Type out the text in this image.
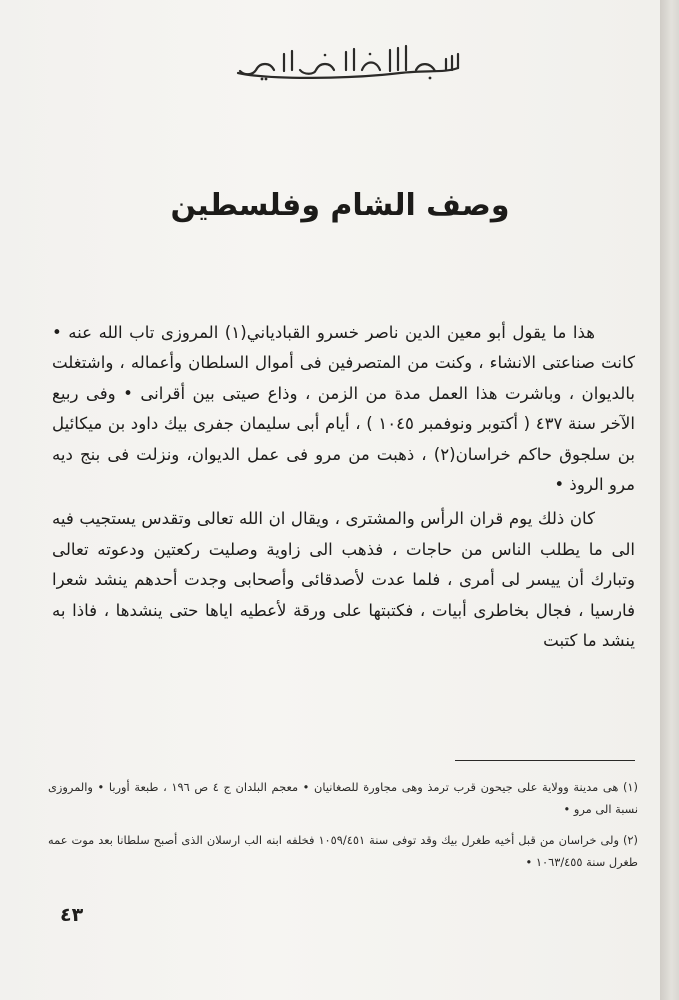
وصف الشام وفلسطين

هذا ما يقول أبو معين الدين ناصر خسرو القبادياني(١) المروزى تاب الله عنه • كانت صناعتى الانشاء ، وكنت من المتصرفين فى أموال السلطان وأعماله ، واشتغلت بالديوان ، وباشرت هذا العمل مدة من الزمن ، وذاع صيتى بين أقرانى • وفى ربيع الآخر سنة ٤٣٧ ( أكتوبر ونوفمبر ١٠٤٥ ) ، أيام أبى سليمان جفرى بيك داود بن ميكائيل بن سلجوق حاكم خراسان(٢) ، ذهبت من مرو فى عمل الديوان، ونزلت فى بنج ديه مرو الروذ •

كان ذلك يوم قران الرأس والمشترى ، ويقال ان الله تعالى وتقدس يستجيب فيه الى ما يطلب الناس من حاجات ، فذهب الى زاوية وصليت ركعتين ودعوته تعالى وتبارك أن ييسر لى أمرى ، فلما عدت لأصدقائى وأصحابى وجدت أحدهم ينشد شعرا فارسيا ، فجال بخاطرى أبيات ، فكتبتها على ورقة لأعطيه اياها حتى ينشدها ، فاذا به ينشد ما كتبت

(١) هى مدينة وولاية على جيحون قرب ترمذ وهى مجاورة للصغانيان • معجم البلدان ج ٤ ص ١٩٦ ، طبعة أوربا • والمروزى نسبة الى مرو •

(٢) ولى خراسان من قبل أخيه طغرل بيك وقد توفى سنة ١٠٥٩/٤٥١ فخلفه ابنه الب ارسلان الذى أصبح سلطانا بعد موت عمه طغرل سنة ١٠٦٣/٤٥٥ •

٤٣
